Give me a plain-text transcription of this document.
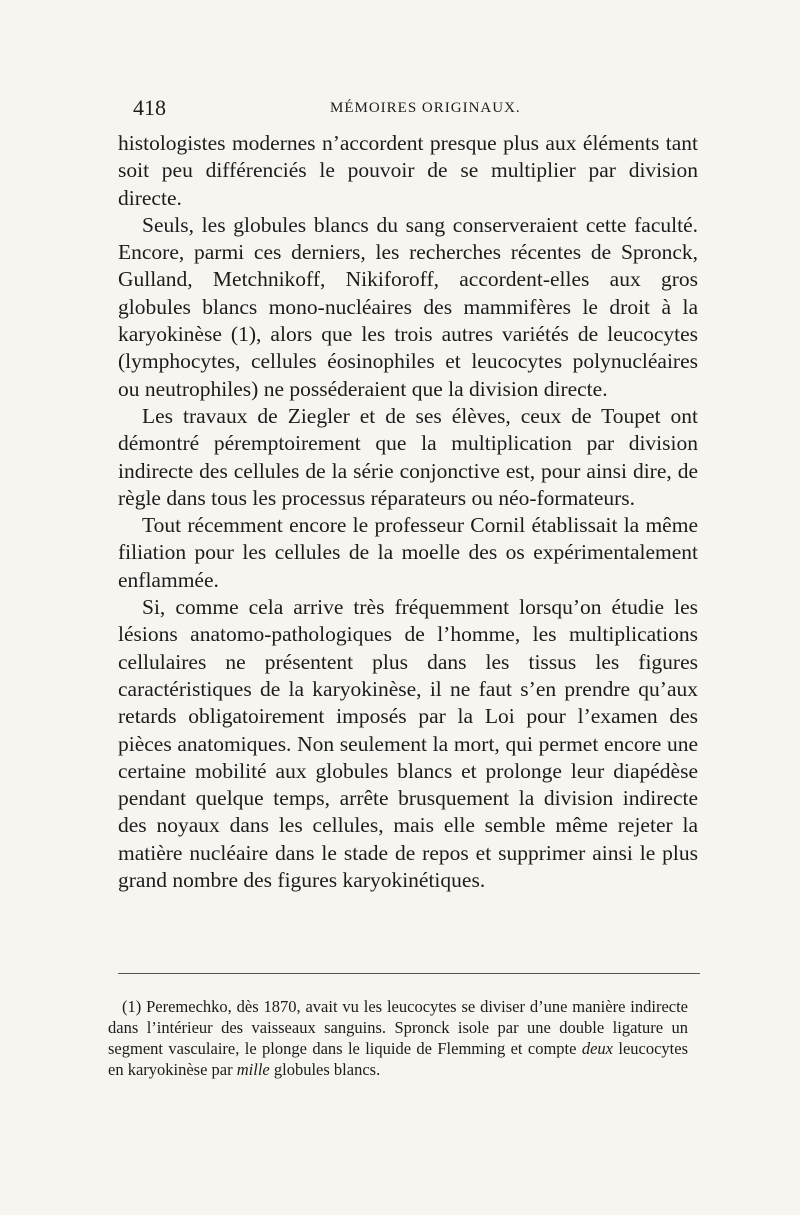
418	MÉMOIRES ORIGINAUX.

histologistes modernes n’accordent presque plus aux éléments tant soit peu différenciés le pouvoir de se multiplier par division directe.

Seuls, les globules blancs du sang conserveraient cette faculté. Encore, parmi ces derniers, les recherches récentes de Spronck, Gulland, Metchnikoff, Nikiforoff, accordent-elles aux gros globules blancs mono-nucléaires des mammifères le droit à la karyokinèse (1), alors que les trois autres variétés de leucocytes (lymphocytes, cellules éosinophiles et leucocytes polynucléaires ou neutrophiles) ne posséderaient que la division directe.

Les travaux de Ziegler et de ses élèves, ceux de Toupet ont démontré péremptoirement que la multiplication par division indirecte des cellules de la série conjonctive est, pour ainsi dire, de règle dans tous les processus réparateurs ou néo-formateurs.

Tout récemment encore le professeur Cornil établissait la même filiation pour les cellules de la moelle des os expérimentalement enflammée.

Si, comme cela arrive très fréquemment lorsqu’on étudie les lésions anatomo-pathologiques de l’homme, les multiplications cellulaires ne présentent plus dans les tissus les figures caractéristiques de la karyokinèse, il ne faut s’en prendre qu’aux retards obligatoirement imposés par la Loi pour l’examen des pièces anatomiques. Non seulement la mort, qui permet encore une certaine mobilité aux globules blancs et prolonge leur diapédèse pendant quelque temps, arrête brusquement la division indirecte des noyaux dans les cellules, mais elle semble même rejeter la matière nucléaire dans le stade de repos et supprimer ainsi le plus grand nombre des figures karyokinétiques.

(1) Peremechko, dès 1870, avait vu les leucocytes se diviser d’une manière indirecte dans l’intérieur des vaisseaux sanguins. Spronck isole par une double ligature un segment vasculaire, le plonge dans le liquide de Flemming et compte deux leucocytes en karyokinèse par mille globules blancs.
